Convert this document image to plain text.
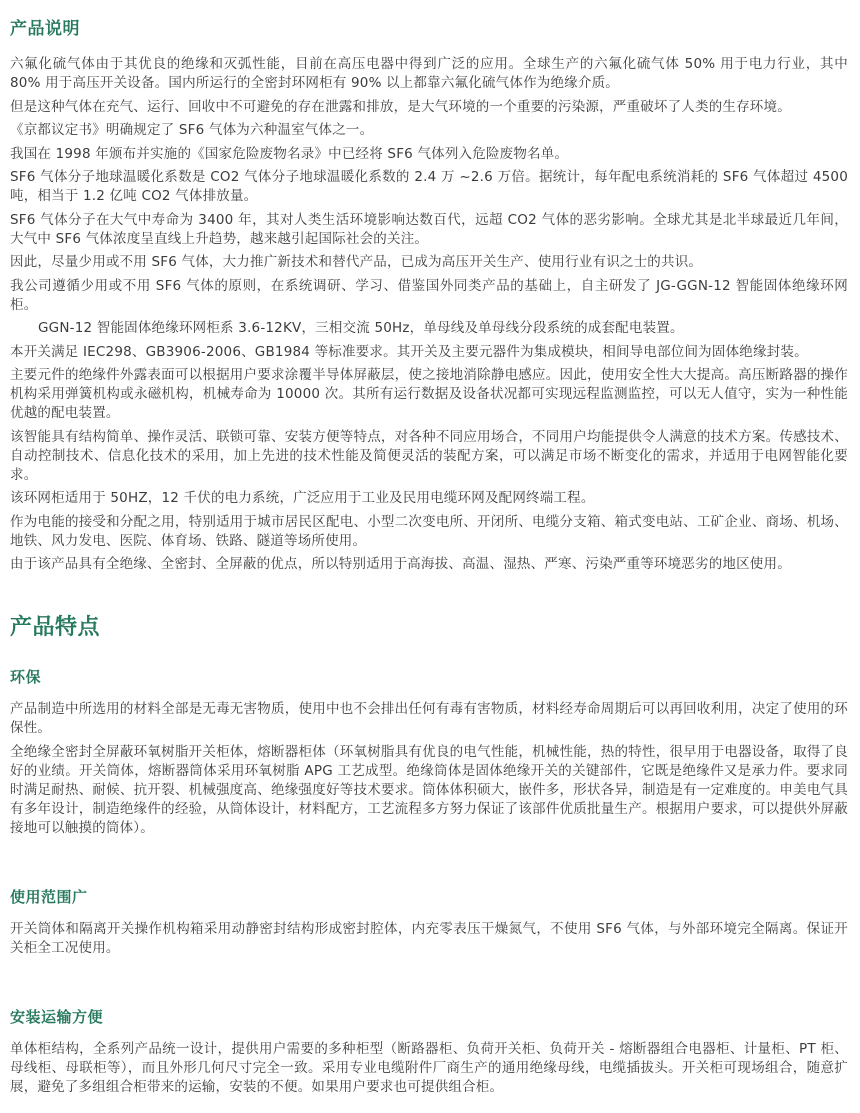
产品说明

六氟化硫气体由于其优良的绝缘和灭弧性能，目前在高压电器中得到广泛的应用。全球生产的六氟化硫气体 50% 用于电力行业，其中 80% 用于高压开关设备。国内所运行的全密封环网柜有 90% 以上都靠六氟化硫气体作为绝缘介质。

但是这种气体在充气、运行、回收中不可避免的存在泄露和排放，是大气环境的一个重要的污染源，严重破坏了人类的生存环境。

《京都议定书》明确规定了 SF6 气体为六种温室气体之一。

我国在 1998 年颁布并实施的《国家危险废物名录》中已经将 SF6 气体列入危险废物名单。

SF6 气体分子地球温暖化系数是 CO2 气体分子地球温暖化系数的 2.4 万 ~2.6 万倍。据统计，每年配电系统消耗的 SF6 气体超过 4500 吨，相当于 1.2 亿吨 CO2 气体排放量。

SF6 气体分子在大气中寿命为 3400 年，其对人类生活环境影响达数百代，远超 CO2 气体的恶劣影响。全球尤其是北半球最近几年间，大气中 SF6 气体浓度呈直线上升趋势，越来越引起国际社会的关注。

因此，尽量少用或不用 SF6 气体，大力推广新技术和替代产品，已成为高压开关生产、使用行业有识之士的共识。

我公司遵循少用或不用 SF6 气体的原则，在系统调研、学习、借鉴国外同类产品的基础上，自主研发了 JG-GGN-12 智能固体绝缘环网柜。

GGN-12 智能固体绝缘环网柜系 3.6-12KV，三相交流 50Hz，单母线及单母线分段系统的成套配电装置。

本开关满足 IEC298、GB3906-2006、GB1984 等标准要求。其开关及主要元器件为集成模块，相间导电部位间为固体绝缘封装。

主要元件的绝缘件外露表面可以根据用户要求涂覆半导体屏蔽层，使之接地消除静电感应。因此，使用安全性大大提高。高压断路器的操作机构采用弹簧机构或永磁机构，机械寿命为 10000 次。其所有运行数据及设备状况都可实现远程监测监控，可以无人值守，实为一种性能优越的配电装置。

该智能具有结构简单、操作灵活、联锁可靠、安装方便等特点，对各种不同应用场合，不同用户均能提供令人满意的技术方案。传感技术、自动控制技术、信息化技术的采用，加上先进的技术性能及简便灵活的装配方案，可以满足市场不断变化的需求，并适用于电网智能化要求。

该环网柜适用于 50HZ，12 千伏的电力系统，广泛应用于工业及民用电缆环网及配网终端工程。

作为电能的接受和分配之用，特别适用于城市居民区配电、小型二次变电所、开闭所、电缆分支箱、箱式变电站、工矿企业、商场、机场、地铁、风力发电、医院、体育场、铁路、隧道等场所使用。

由于该产品具有全绝缘、全密封、全屏蔽的优点，所以特别适用于高海拔、高温、湿热、严寒、污染严重等环境恶劣的地区使用。

产品特点
环保

产品制造中所选用的材料全部是无毒无害物质，使用中也不会排出任何有毒有害物质，材料经寿命周期后可以再回收利用，决定了使用的环保性。

全绝缘全密封全屏蔽环氧树脂开关柜体，熔断器柜体（环氧树脂具有优良的电气性能，机械性能，热的特性，很早用于电器设备，取得了良好的业绩。开关筒体，熔断器筒体采用环氧树脂 APG 工艺成型。绝缘筒体是固体绝缘开关的关键部件，它既是绝缘件又是承力件。要求同时满足耐热、耐候、抗开裂、机械强度高、绝缘强度好等技术要求。筒体体积硕大，嵌件多，形状各异，制造是有一定难度的。申美电气具有多年设计，制造绝缘件的经验，从筒体设计，材料配方，工艺流程多方努力保证了该部件优质批量生产。根据用户要求，可以提供外屏蔽接地可以触摸的筒体）。

使用范围广

开关筒体和隔离开关操作机构箱采用动静密封结构形成密封腔体，内充零表压干燥氮气，不使用 SF6 气体，与外部环境完全隔离。保证开关柜全工况使用。

安装运输方便

单体柜结构，全系列产品统一设计，提供用户需要的多种柜型（断路器柜、负荷开关柜、负荷开关 - 熔断器组合电器柜、计量柜、PT 柜、母线柜、母联柜等），而且外形几何尺寸完全一致。采用专业电缆附件厂商生产的通用绝缘母线，电缆插拔头。开关柜可现场组合，随意扩展，避免了多组组合柜带来的运输，安装的不便。如果用户要求也可提供组合柜。
